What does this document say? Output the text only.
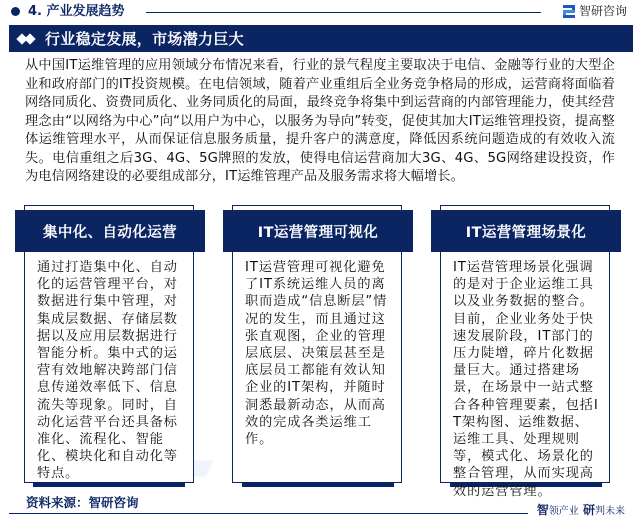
▰
4. 产业发展趋势	智研咨询
行业稳定发展，市场潜力巨大

从中国IT运维管理的应用领域分布情况来看，行业的景气程度主要取决于电信、金融等行业的大型企业和政府部门的IT投资规模。在电信领域，随着产业重组后全业务竞争格局的形成，运营商将面临着网络同质化、资费同质化、业务同质化的局面，最终竞争将集中到运营商的内部管理能力，使其经营理念由“以网络为中心”向“以用户为中心，以服务为导向”转变，促使其加大IT运维管理投资，提高整体运维管理水平，从而保证信息服务质量，提升客户的满意度，降低因系统问题造成的有效收入流失。电信重组之后3G、4G、5G牌照的发放，使得电信运营商加大3G、4G、5G网络建设投资，作为电信网络建设的必要组成部分，IT运维管理产品及服务需求将大幅增长。

集中化、自动化运营
通过打造集中化、自动化的运营管理平台，对数据进行集中管理，对集成层数据、存储层数据以及应用层数据进行智能分析。集中式的运营有效地解决跨部门信息传递效率低下、信息流失等现象。同时，自动化运营平台还具备标准化、流程化、智能化、模块化和自动化等特点。
IT运营管理可视化
IT运营管理可视化避免了IT系统运维人员的离职而造成“信息断层”情况的发生，而且通过这张直观图，企业的管理层底层、决策层甚至是底层员工都能有效认知企业的IT架构，并随时洞悉最新动态，从而高效的完成各类运维工作。
IT运营管理场景化
IT运营管理场景化强调的是对于企业运维工具以及业务数据的整合。目前，企业业务处于快速发展阶段，IT部门的压力陡增，碎片化数据量巨大。通过搭建场景，在场景中一站式整合各种管理要素，包括IT架构图、运维数据、运维工具、处理规则等，模式化、场景化的整合管理，从而实现高效的运营管理。
资料来源：智研咨询	智领产业 研判未来
